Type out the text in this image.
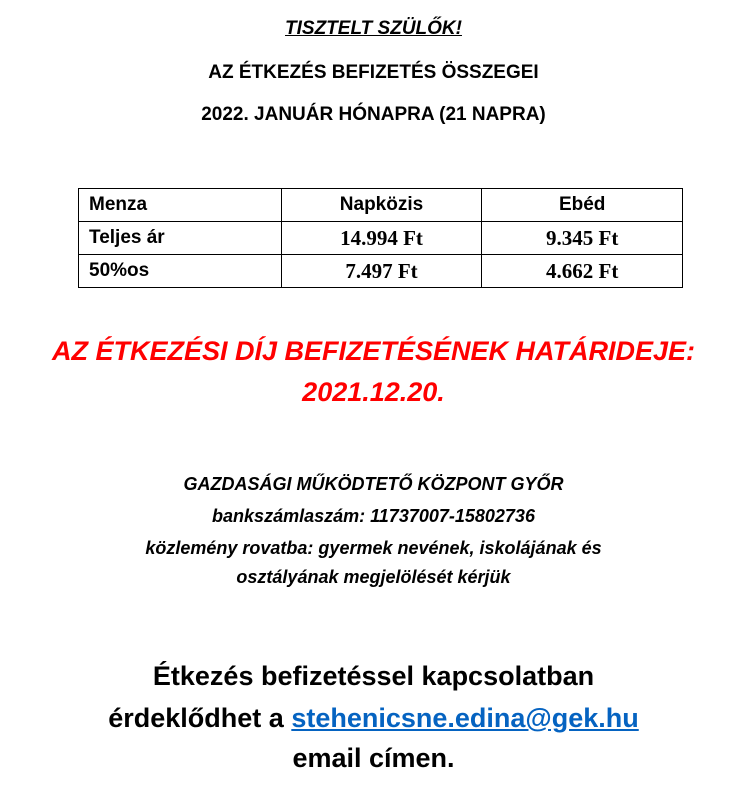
TISZTELT SZÜLŐK!
AZ ÉTKEZÉS BEFIZETÉS ÖSSZEGEI
2022. JANUÁR HÓNAPRA (21 NAPRA)
Menza	Napközis	Ebéd
Teljes ár	14.994 Ft	9.345 Ft
50%os	7.497 Ft	4.662 Ft
AZ ÉTKEZÉSI DÍJ BEFIZETÉSÉNEK HATÁRIDEJE:
2021.12.20.
GAZDASÁGI MŰKÖDTETŐ KÖZPONT GYŐR
bankszámlaszám: 11737007-15802736
közlemény rovatba: gyermek nevének, iskolájának és
osztályának megjelölését kérjük
Étkezés befizetéssel kapcsolatban
érdeklődhet a stehenicsne.edina@gek.hu
email címen.
